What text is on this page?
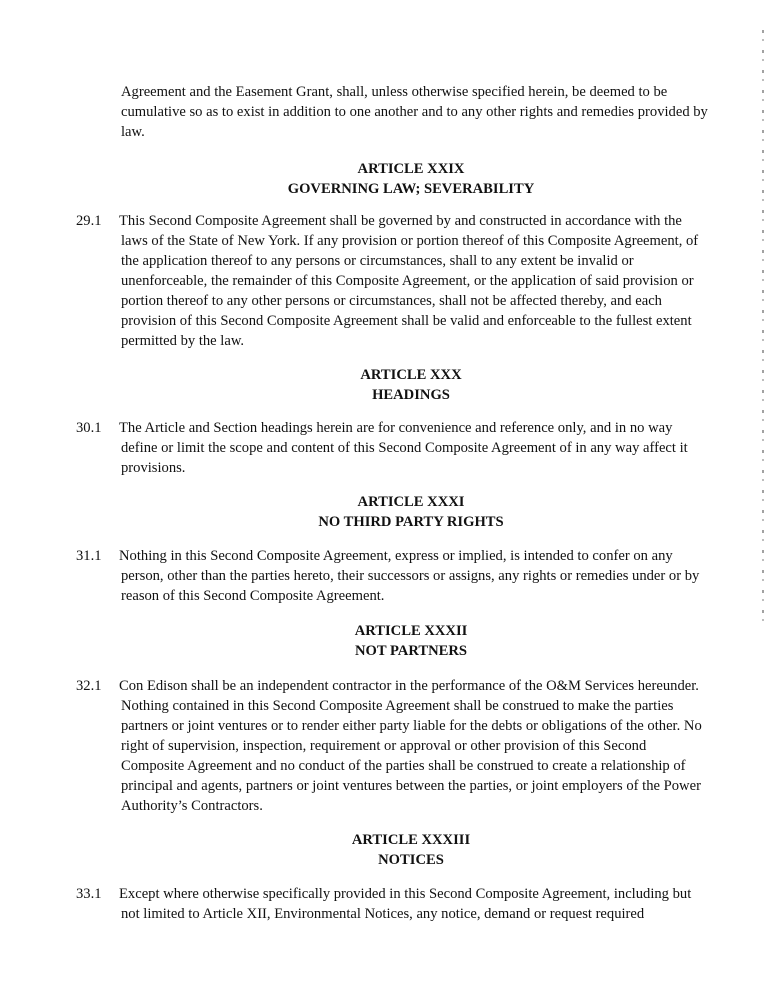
Agreement and the Easement Grant, shall, unless otherwise specified herein, be deemed to be cumulative so as to exist in addition to one another and to any other rights and remedies provided by law.

ARTICLE XXIX
GOVERNING LAW; SEVERABILITY
29.1 This Second Composite Agreement shall be governed by and constructed in accordance with the laws of the State of New York. If any provision or portion thereof of this Composite Agreement, of the application thereof to any persons or circumstances, shall to any extent be invalid or unenforceable, the remainder of this Composite Agreement, or the application of said provision or portion thereof to any other persons or circumstances, shall not be affected thereby, and each provision of this Second Composite Agreement shall be valid and enforceable to the fullest extent permitted by the law.

ARTICLE XXX
HEADINGS
30.1 The Article and Section headings herein are for convenience and reference only, and in no way define or limit the scope and content of this Second Composite Agreement of in any way affect it provisions.

ARTICLE XXXI
NO THIRD PARTY RIGHTS
31.1 Nothing in this Second Composite Agreement, express or implied, is intended to confer on any person, other than the parties hereto, their successors or assigns, any rights or remedies under or by reason of this Second Composite Agreement.

ARTICLE XXXII
NOT PARTNERS
32.1 Con Edison shall be an independent contractor in the performance of the O&M Services hereunder. Nothing contained in this Second Composite Agreement shall be construed to make the parties partners or joint ventures or to render either party liable for the debts or obligations of the other. No right of supervision, inspection, requirement or approval or other provision of this Second Composite Agreement and no conduct of the parties shall be construed to create a relationship of principal and agents, partners or joint ventures between the parties, or joint employers of the Power Authority’s Contractors.

ARTICLE XXXIII
NOTICES
33.1 Except where otherwise specifically provided in this Second Composite Agreement, including but not limited to Article XII, Environmental Notices, any notice, demand or request required
